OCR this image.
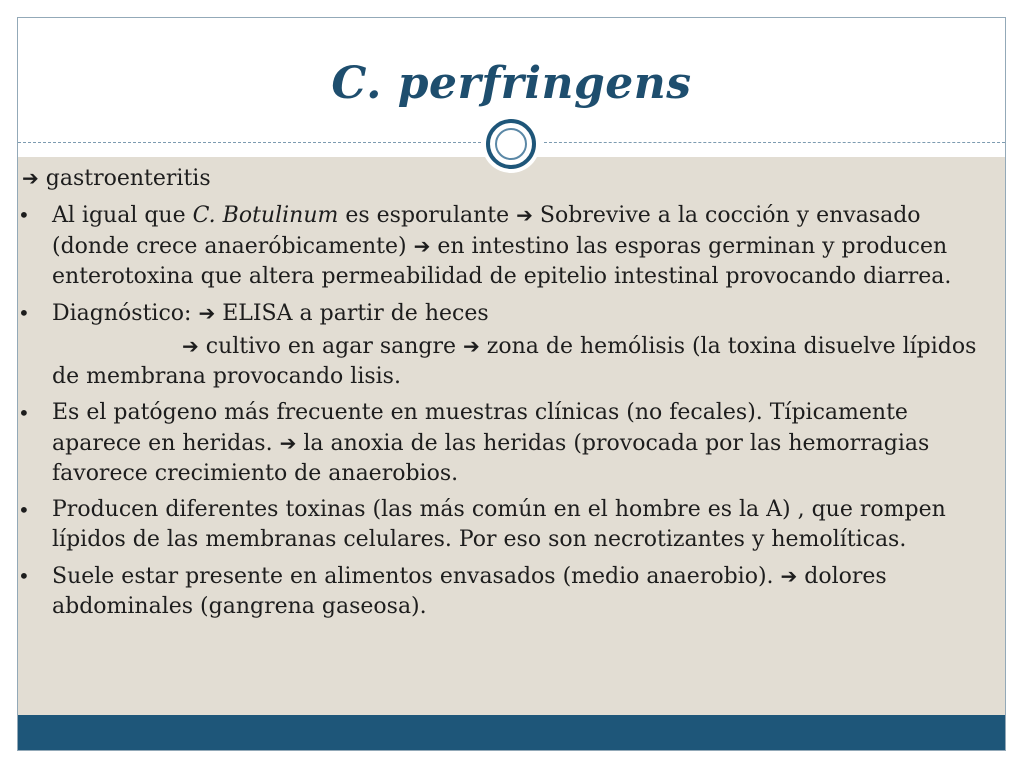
C. perfringens

➔ gastroenteritis

• Al igual que C. Botulinum es esporulante ➔ Sobrevive a la cocción y envasado (donde crece anaeróbicamente) ➔ en intestino las esporas germinan y producen enterotoxina que altera permeabilidad de epitelio intestinal provocando diarrea.

• Diagnóstico: ➔ ELISA a partir de heces

➔ cultivo en agar sangre ➔ zona de hemólisis (la toxina disuelve lípidos de membrana provocando lisis.

• Es el patógeno más frecuente en muestras clínicas (no fecales). Típicamente aparece en heridas. ➔ la anoxia de las heridas (provocada por las hemorragias favorece crecimiento de anaerobios.

• Producen diferentes toxinas (las más común en el hombre es la A) , que rompen lípidos de las membranas celulares. Por eso son necrotizantes y hemolíticas.

• Suele estar presente en alimentos envasados (medio anaerobio). ➔ dolores abdominales (gangrena gaseosa).
